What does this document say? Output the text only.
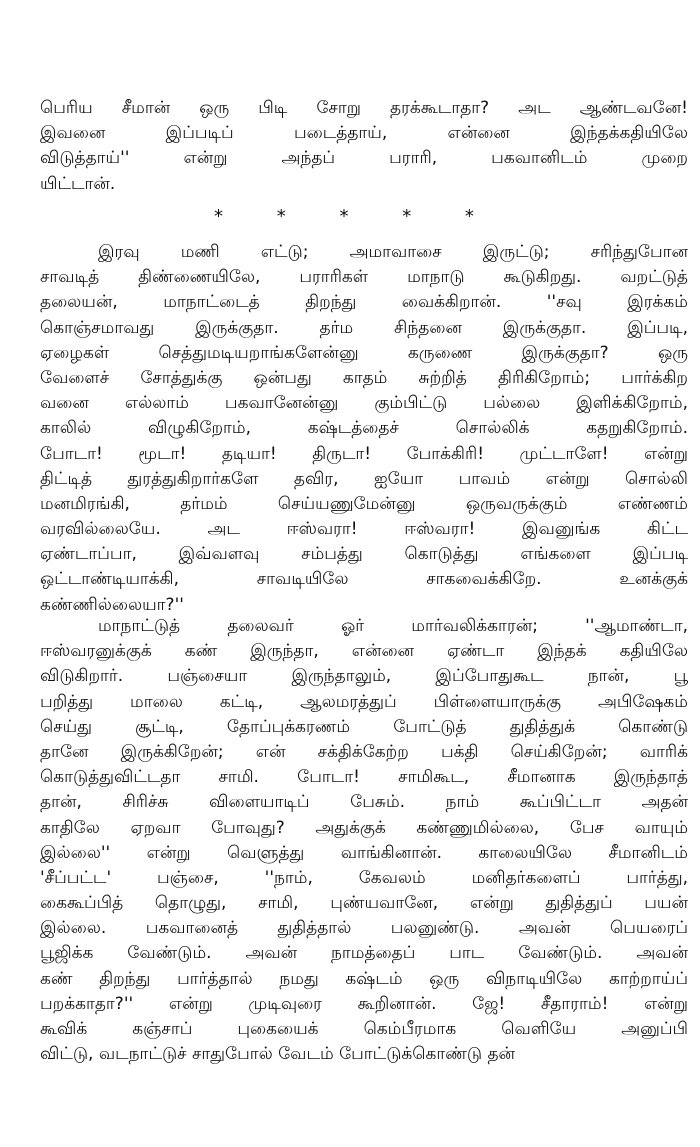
பெரிய சீமான் ஒரு பிடி சோறு தரக்கூடாதா? அட ஆண்டவனே!
இவனை இப்படிப் படைத்தாய், என்னை இந்தக்கதியிலே
விடுத்தாய்'' என்று அந்தப் பராரி, பகவானிடம் முறை
யிட்டான்.
* * * * *
இரவு மணி எட்டு; அமாவாசை இருட்டு; சரிந்துபோன
சாவடித் திண்ணையிலே, பராரிகள் மாநாடு கூடுகிறது. வறட்டுத்
தலையன், மாநாட்டைத் திறந்து வைக்கிறான். ''சவு இரக்கம்
கொஞ்சமாவது இருக்குதா. தர்ம சிந்தனை இருக்குதா. இப்படி,
ஏழைகள் செத்துமடியறாங்களேன்னு கருணை இருக்குதா? ஒரு
வேளைச் சோத்துக்கு ஒன்பது காதம் சுற்றித் திரிகிறோம்; பார்க்கிற
வனை எல்லாம் பகவானேன்னு கும்பிட்டு பல்லை இளிக்கிறோம்,
காலில் விழுகிறோம், கஷ்டத்தைச் சொல்லிக் கதறுகிறோம்.
போடா! மூடா! தடியா! திருடா! போக்கிரி! முட்டாளே! என்று
திட்டித் துரத்துகிறார்களே தவிர, ஐயோ பாவம் என்று சொல்லி
மனமிரங்கி, தர்மம் செய்யணுமேன்னு ஒருவருக்கும் எண்ணம்
வரவில்லையே. அட ஈஸ்வரா! ஈஸ்வரா! இவனுங்க கிட்ட
ஏண்டாப்பா, இவ்வளவு சம்பத்து கொடுத்து எங்களை இப்படி
ஒட்டாண்டியாக்கி, சாவடியிலே சாகவைக்கிறே. உனக்குக்
கண்ணில்லையா?''
மாநாட்டுத் தலைவர் ஓர் மார்வலிக்காரன்; ''ஆமாண்டா,
ஈஸ்வரனுக்குக் கண் இருந்தா, என்னை ஏண்டா இந்தக் கதியிலே
விடுகிறார். பஞ்சையா இருந்தாலும், இப்போதுகூட நான், பூ
பறித்து மாலை கட்டி, ஆலமரத்துப் பிள்ளையாருக்கு அபிஷேகம்
செய்து சூட்டி, தோப்புக்கரணம் போட்டுத் துதித்துக் கொண்டு
தானே இருக்கிறேன்; என் சக்திக்கேற்ற பக்தி செய்கிறேன்; வாரிக்
கொடுத்துவிட்டதா சாமி. போடா! சாமிகூட, சீமானாக இருந்தாத்
தான், சிரிச்சு விளையாடிப் பேசும். நாம் கூப்பிட்டா அதன்
காதிலே ஏறவா போவுது? அதுக்குக் கண்ணுமில்லை, பேச வாயும்
இல்லை'' என்று வெளுத்து வாங்கினான். காலையிலே சீமானிடம்
'சீப்பட்ட' பஞ்சை, ''நாம், கேவலம் மனிதர்களைப் பார்த்து,
கைகூப்பித் தொழுது, சாமி, புண்யவானே, என்று துதித்துப் பயன்
இல்லை. பகவானைத் துதித்தால் பலனுண்டு. அவன் பெயரைப்
பூஜிக்க வேண்டும். அவன் நாமத்தைப் பாட வேண்டும். அவன்
கண் திறந்து பார்த்தால் நமது கஷ்டம் ஒரு விநாடியிலே காற்றாய்ப்
பறக்காதா?'' என்று முடிவுரை கூறினான். ஜே! சீதாராம்! என்று
கூவிக் கஞ்சாப் புகையைக் கெம்பீரமாக வெளியே அனுப்பி
விட்டு, வடநாட்டுச் சாதுபோல் வேடம் போட்டுக்கொண்டு தன்
